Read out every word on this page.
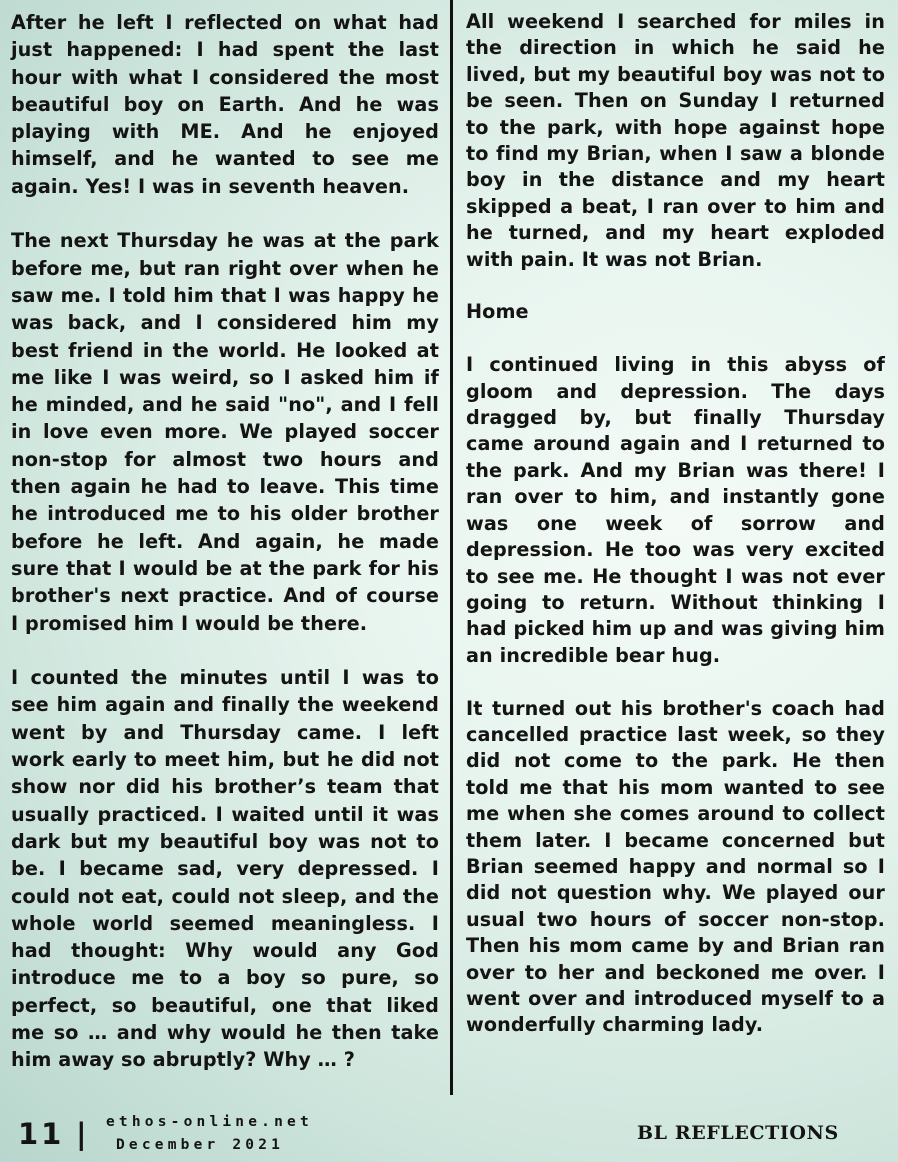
After he left I reflected on what had just happened: I had spent the last hour with what I considered the most beautiful boy on Earth. And he was playing with ME. And he enjoyed himself, and he wanted to see me again. Yes! I was in seventh heaven.

The next Thursday he was at the park before me, but ran right over when he saw me. I told him that I was happy he was back, and I considered him my best friend in the world. He looked at me like I was weird, so I asked him if he minded, and he said "no", and I fell in love even more. We played soccer non-stop for almost two hours and then again he had to leave. This time he introduced me to his older brother before he left. And again, he made sure that I would be at the park for his brother's next practice. And of course I promised him I would be there.

I counted the minutes until I was to see him again and finally the weekend went by and Thursday came. I left work early to meet him, but he did not show nor did his brother’s team that usually practiced. I waited until it was dark but my beautiful boy was not to be. I became sad, very depressed. I could not eat, could not sleep, and the whole world seemed meaningless. I had thought: Why would any God introduce me to a boy so pure, so perfect, so beautiful, one that liked me so … and why would he then take him away so abruptly? Why … ?

All weekend I searched for miles in the direction in which he said he lived, but my beautiful boy was not to be seen. Then on Sunday I returned to the park, with hope against hope to find my Brian, when I saw a blonde boy in the distance and my heart skipped a beat, I ran over to him and he turned, and my heart exploded with pain. It was not Brian.

Home

I continued living in this abyss of gloom and depression. The days dragged by, but finally Thursday came around again and I returned to the park. And my Brian was there! I ran over to him, and instantly gone was one week of sorrow and depression. He too was very excited to see me. He thought I was not ever going to return. Without thinking I had picked him up and was giving him an incredible bear hug.

It turned out his brother's coach had cancelled practice last week, so they did not come to the park. He then told me that his mom wanted to see me when she comes around to collect them later. I became concerned but Brian seemed happy and normal so I did not question why. We played our usual two hours of soccer non-stop. Then his mom came by and Brian ran over to her and beckoned me over. I went over and introduced myself to a wonderfully charming lady.

11 | ethos-online.net
December 2021
BL REFLECTIONS
